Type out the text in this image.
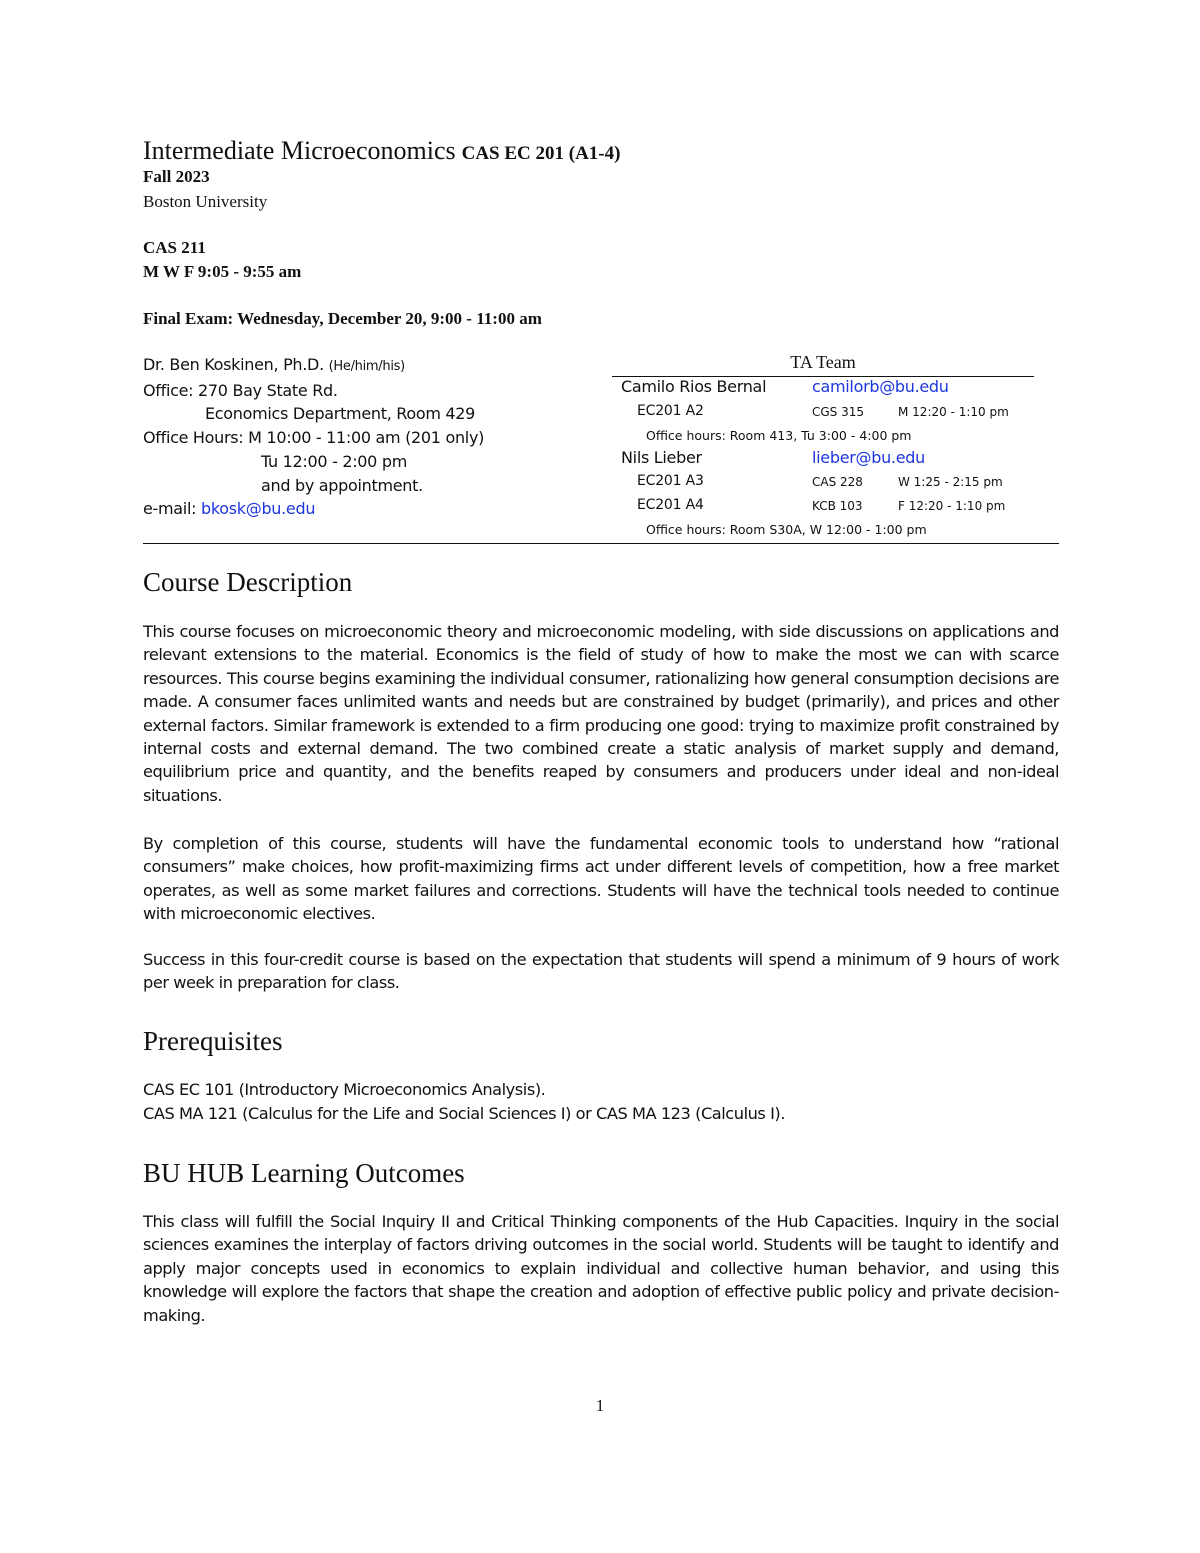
Intermediate Microeconomics CAS EC 201 (A1-4)
Fall 2023
Boston University
CAS 211
M W F 9:05 - 9:55 am
Final Exam: Wednesday, December 20, 9:00 - 11:00 am
Dr. Ben Koskinen, Ph.D. (He/him/his)
Office: 270 Bay State Rd.
Economics Department, Room 429
Office Hours: M 10:00 - 11:00 am (201 only)
Tu 12:00 - 2:00 pm
and by appointment.
e-mail: bkosk@bu.edu
TA Team
Camilo Rios Bernal	camilorb@bu.edu
EC201 A2	CGS 315	M 12:20 - 1:10 pm
Office hours: Room 413, Tu 3:00 - 4:00 pm
Nils Lieber	lieber@bu.edu
EC201 A3	CAS 228	W 1:25 - 2:15 pm
EC201 A4	KCB 103	F 12:20 - 1:10 pm
Office hours: Room S30A, W 12:00 - 1:00 pm
Course Description

This course focuses on microeconomic theory and microeconomic modeling, with side discussions on applications and relevant extensions to the material. Economics is the field of study of how to make the most we can with scarce resources. This course begins examining the individual consumer, rationalizing how general consumption decisions are made. A consumer faces unlimited wants and needs but are constrained by budget (primarily), and prices and other external factors. Similar framework is extended to a firm producing one good: trying to maximize profit constrained by internal costs and external demand. The two combined create a static analysis of market supply and demand, equilibrium price and quantity, and the benefits reaped by consumers and producers under ideal and non-ideal situations.

By completion of this course, students will have the fundamental economic tools to understand how “rational consumers” make choices, how profit-maximizing firms act under different levels of competition, how a free market operates, as well as some market failures and corrections. Students will have the technical tools needed to continue with microeconomic electives.

Success in this four-credit course is based on the expectation that students will spend a minimum of 9 hours of work per week in preparation for class.

Prerequisites
CAS EC 101 (Introductory Microeconomics Analysis).
CAS MA 121 (Calculus for the Life and Social Sciences I) or CAS MA 123 (Calculus I).
BU HUB Learning Outcomes

This class will fulfill the Social Inquiry II and Critical Thinking components of the Hub Capacities. Inquiry in the social sciences examines the interplay of factors driving outcomes in the social world. Students will be taught to identify and apply major concepts used in economics to explain individual and collective human behavior, and using this knowledge will explore the factors that shape the creation and adoption of effective public policy and private decision-making.

1
